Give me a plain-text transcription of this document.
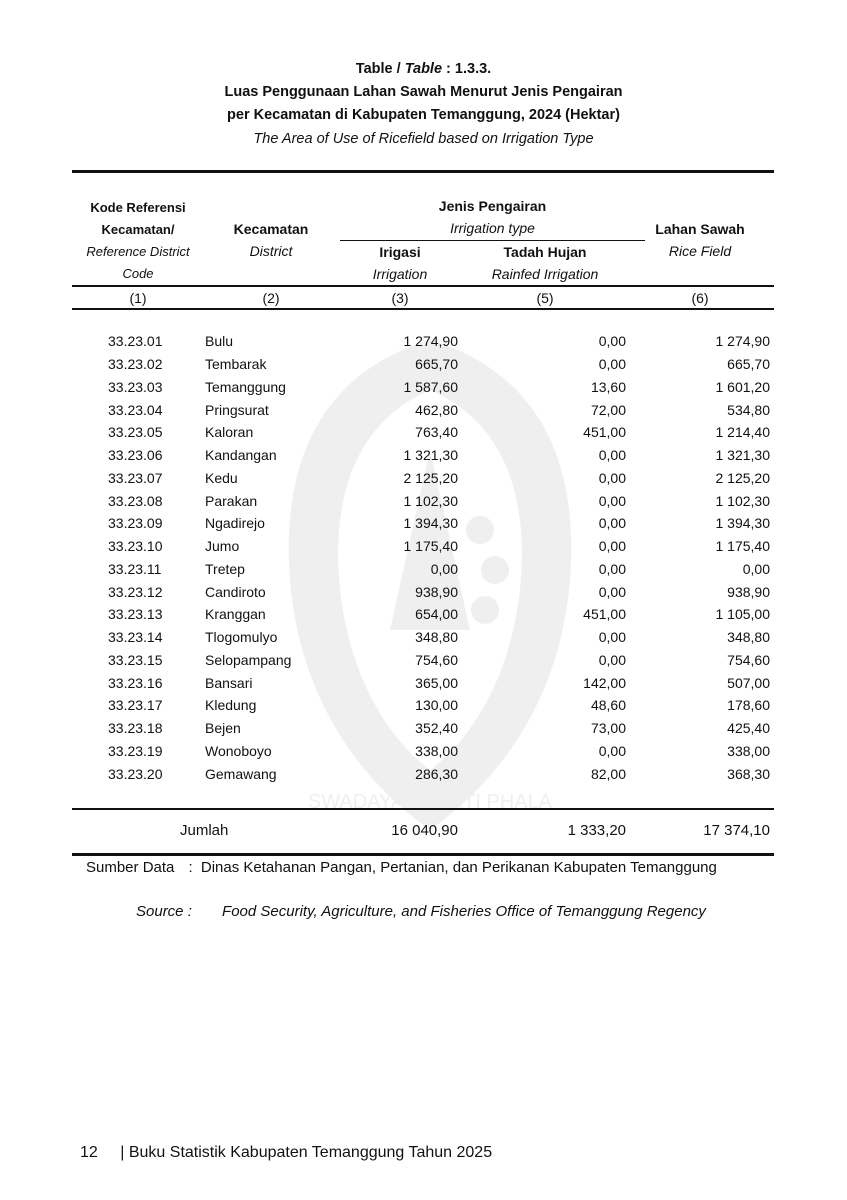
SWADAYA BHAKTI PHALA
Table / Table : 1.3.3.
Luas Penggunaan Lahan Sawah Menurut Jenis Pengairan
per Kecamatan di Kabupaten Temanggung, 2024 (Hektar)
The Area of Use of Ricefield based on Irrigation Type
Kode Referensi
Kecamatan/
Reference District
Code
Kecamatan
District
Jenis Pengairan
Irrigation type
Irigasi
Irrigation
Tadah Hujan
Rainfed Irrigation
Lahan Sawah
Rice Field
(1)	(2)	(3)	(5)	(6)
33.23.01	Bulu	1 274,90	0,00	1 274,90
33.23.02	Tembarak	665,70	0,00	665,70
33.23.03	Temanggung	1 587,60	13,60	1 601,20
33.23.04	Pringsurat	462,80	72,00	534,80
33.23.05	Kaloran	763,40	451,00	1 214,40
33.23.06	Kandangan	1 321,30	0,00	1 321,30
33.23.07	Kedu	2 125,20	0,00	2 125,20
33.23.08	Parakan	1 102,30	0,00	1 102,30
33.23.09	Ngadirejo	1 394,30	0,00	1 394,30
33.23.10	Jumo	1 175,40	0,00	1 175,40
33.23.11	Tretep	0,00	0,00	0,00
33.23.12	Candiroto	938,90	0,00	938,90
33.23.13	Kranggan	654,00	451,00	1 105,00
33.23.14	Tlogomulyo	348,80	0,00	348,80
33.23.15	Selopampang	754,60	0,00	754,60
33.23.16	Bansari	365,00	142,00	507,00
33.23.17	Kledung	130,00	48,60	178,60
33.23.18	Bejen	352,40	73,00	425,40
33.23.19	Wonoboyo	338,00	0,00	338,00
33.23.20	Gemawang	286,30	82,00	368,30
Jumlah	16 040,90	1 333,20	17 374,10
Sumber Data : Dinas Ketahanan Pangan, Pertanian, dan Perikanan Kabupaten Temanggung
Source : Food Security, Agriculture, and Fisheries Office of Temanggung Regency
12 | Buku Statistik Kabupaten Temanggung Tahun 2025
